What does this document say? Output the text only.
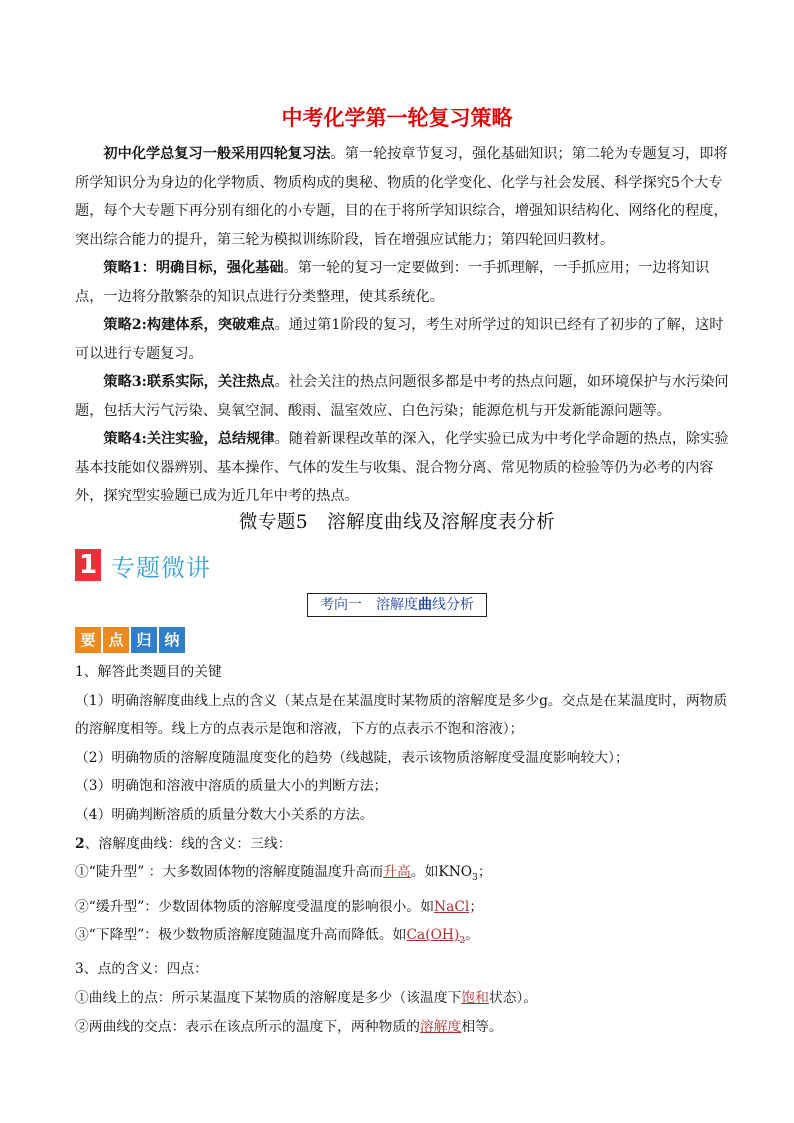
中考化学第一轮复习策略

初中化学总复习一般采用四轮复习法。第一轮按章节复习，强化基础知识；第二轮为专题复习，即将所学知识分为身边的化学物质、物质构成的奥秘、物质的化学变化、化学与社会发展、科学探究5个大专题，每个大专题下再分别有细化的小专题，目的在于将所学知识综合，增强知识结构化、网络化的程度，突出综合能力的提升，第三轮为模拟训练阶段，旨在增强应试能力；第四轮回归教材。

策略1：明确目标，强化基础。第一轮的复习一定要做到：一手抓理解，一手抓应用；一边将知识点，一边将分散繁杂的知识点进行分类整理，使其系统化。

策略2:构建体系，突破难点。通过第1阶段的复习，考生对所学过的知识已经有了初步的了解，这时可以进行专题复习。

策略3:联系实际，关注热点。社会关注的热点问题很多都是中考的热点问题，如环境保护与水污染问题，包括大污气污染、臭氧空洞、酸雨、温室效应、白色污染；能源危机与开发新能源问题等。

策略4:关注实验，总结规律。随着新课程改革的深入，化学实验已成为中考化学命题的热点，除实验基本技能如仪器辨别、基本操作、气体的发生与收集、混合物分离、常见物质的检验等仍为必考的内容外，探究型实验题已成为近几年中考的热点。

微专题5　溶解度曲线及溶解度表分析
1 专题微讲
考向一　溶解度曲线分析
要 点 归 纳

1、解答此类题目的关键

（1）明确溶解度曲线上点的含义（某点是在某温度时某物质的溶解度是多少g。交点是在某温度时，两物质的溶解度相等。线上方的点表示是饱和溶液，下方的点表示不饱和溶液）；

（2）明确物质的溶解度随温度变化的趋势（线越陡，表示该物质溶解度受温度影响较大）；

（3）明确饱和溶液中溶质的质量大小的判断方法；

（4）明确判断溶质的质量分数大小关系的方法。

2、溶解度曲线：线的含义：三线：

①“陡升型” ：大多数固体物的溶解度随温度升高而升高。如$KNO_3$；

②“缓升型”：少数固体物质的溶解度受温度的影响很小。如NaCl；

③“下降型”：极少数物质溶解度随温度升高而降低。如$Ca(OH)_2$。

3、点的含义：四点：

①曲线上的点：所示某温度下某物质的溶解度是多少（该温度下饱和状态）。

②两曲线的交点：表示在该点所示的温度下，两种物质的溶解度相等。
